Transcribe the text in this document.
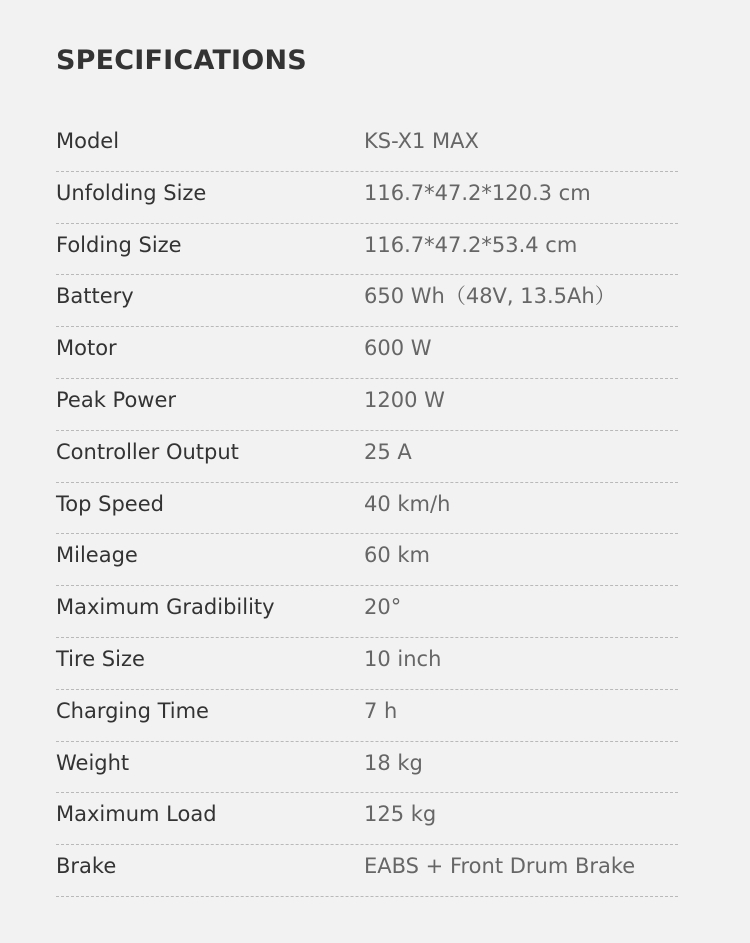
SPECIFICATIONS
Model	KS-X1 MAX
Unfolding Size	116.7*47.2*120.3 cm
Folding Size	116.7*47.2*53.4 cm
Battery	650 Wh（48V, 13.5Ah）
Motor	600 W
Peak Power	1200 W
Controller Output	25 A
Top Speed	40 km/h
Mileage	60 km
Maximum Gradibility	20°
Tire Size	10 inch
Charging Time	7 h
Weight	18 kg
Maximum Load	125 kg
Brake	EABS + Front Drum Brake
